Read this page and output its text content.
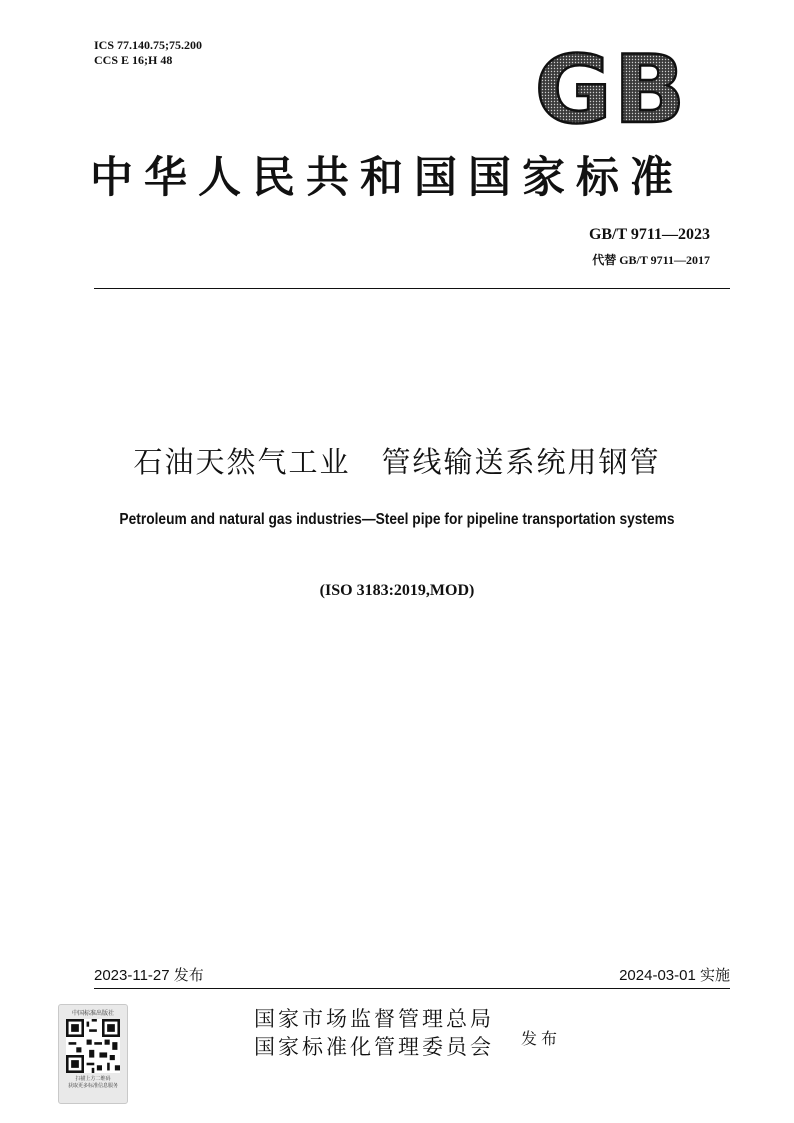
ICS 77.140.75;75.200
CCS E 16;H 48	GB
中华人民共和国国家标准
GB/T 9711—2023
代替 GB/T 9711—2017
石油天然气工业　管线输送系统用钢管
Petroleum and natural gas industries—Steel pipe for pipeline transportation systems
(ISO 3183:2019,MOD)
2023-11-27 发布	2024-03-01 实施
中国标准出版社
扫描上方二维码
获取更多标准信息服务
国家市场监督管理总局
国家标准化管理委员会 发布
